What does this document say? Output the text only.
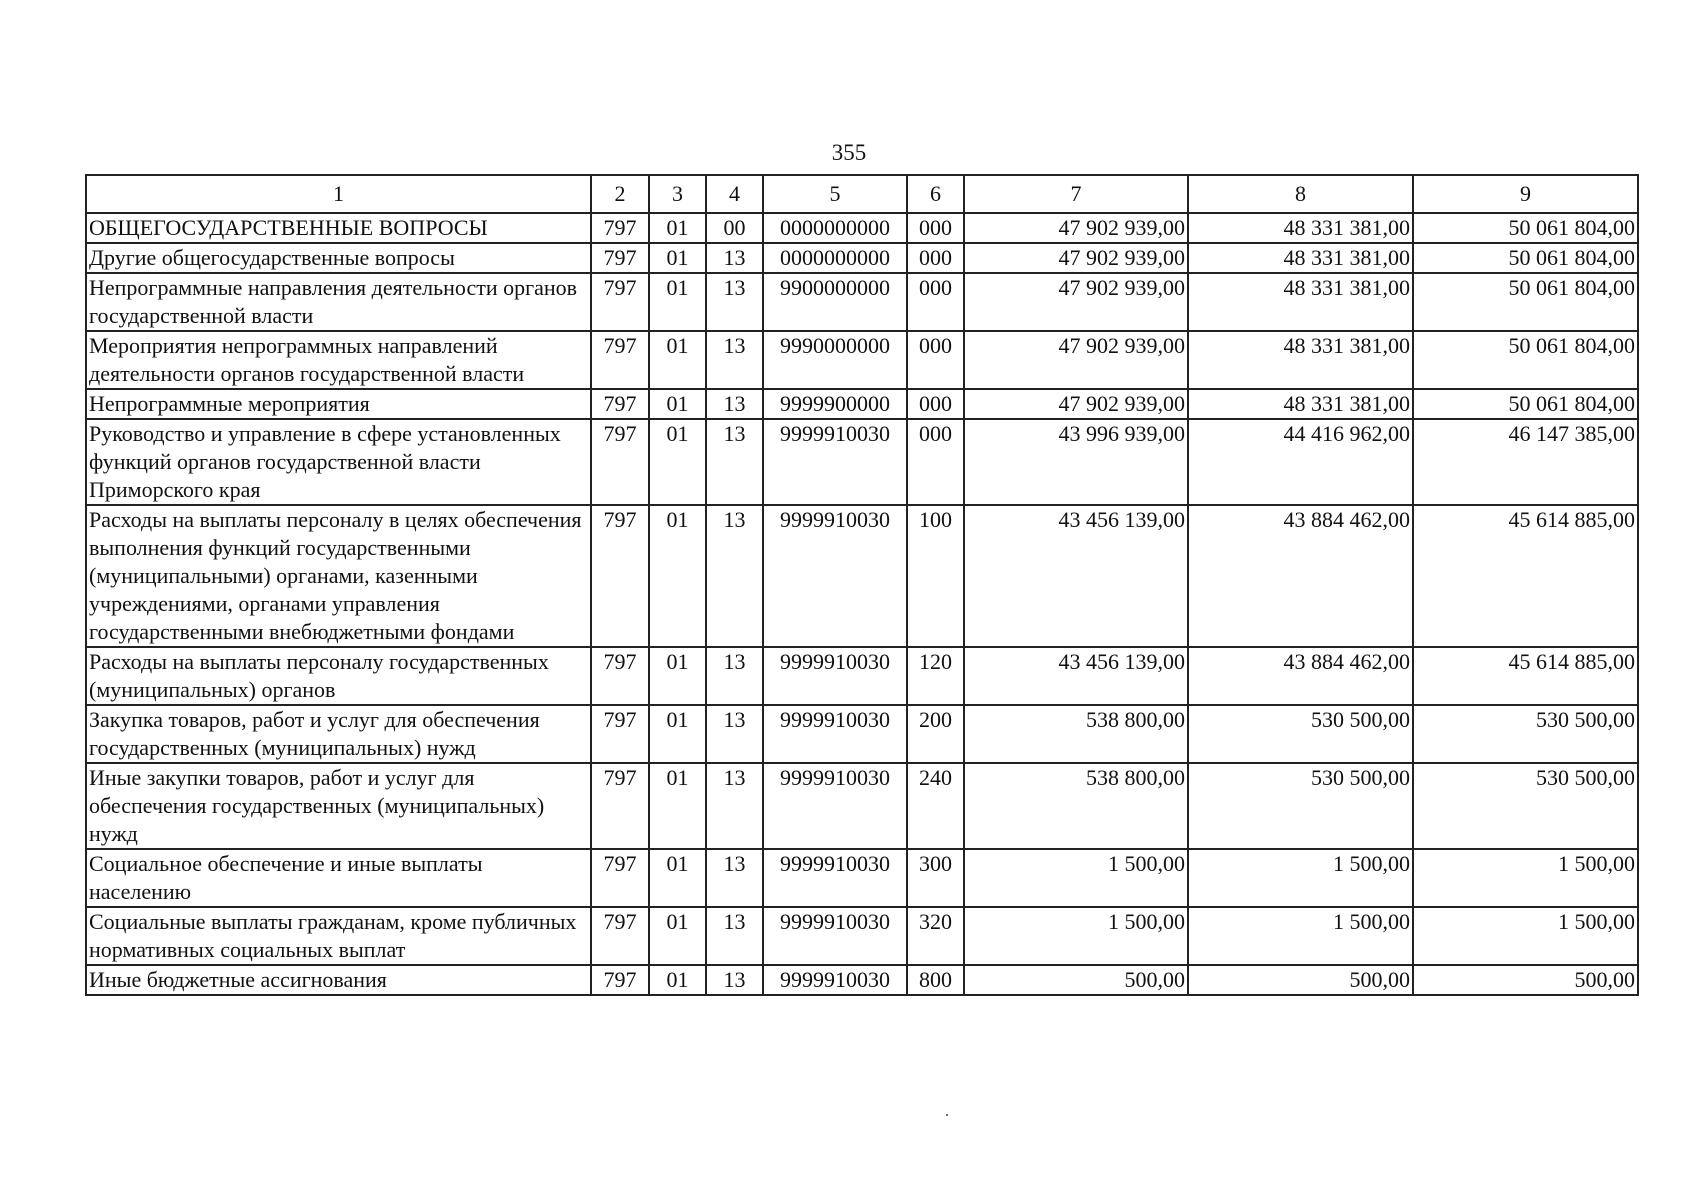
355
1	2	3	4	5	6	7	8	9
ОБЩЕГОСУДАРСТВЕННЫЕ ВОПРОСЫ	797	01	00	0000000000	000	47 902 939,00	48 331 381,00	50 061 804,00
Другие общегосударственные вопросы	797	01	13	0000000000	000	47 902 939,00	48 331 381,00	50 061 804,00
Непрограммные направления деятельности органов государственной власти	797	01	13	9900000000	000	47 902 939,00	48 331 381,00	50 061 804,00
Мероприятия непрограммных направлений деятельности органов государственной власти	797	01	13	9990000000	000	47 902 939,00	48 331 381,00	50 061 804,00
Непрограммные мероприятия	797	01	13	9999900000	000	47 902 939,00	48 331 381,00	50 061 804,00
Руководство и управление в сфере установленных функций органов государственной власти Приморского края	797	01	13	9999910030	000	43 996 939,00	44 416 962,00	46 147 385,00
Расходы на выплаты персоналу в целях обеспечения выполнения функций государственными (муниципальными) органами, казенными учреждениями, органами управления государственными внебюджетными фондами	797	01	13	9999910030	100	43 456 139,00	43 884 462,00	45 614 885,00
Расходы на выплаты персоналу государственных (муниципальных) органов	797	01	13	9999910030	120	43 456 139,00	43 884 462,00	45 614 885,00
Закупка товаров, работ и услуг для обеспечения государственных (муниципальных) нужд	797	01	13	9999910030	200	538 800,00	530 500,00	530 500,00
Иные закупки товаров, работ и услуг для обеспечения государственных (муниципальных) нужд	797	01	13	9999910030	240	538 800,00	530 500,00	530 500,00
Социальное обеспечение и иные выплаты населению	797	01	13	9999910030	300	1 500,00	1 500,00	1 500,00
Социальные выплаты гражданам, кроме публичных нормативных социальных выплат	797	01	13	9999910030	320	1 500,00	1 500,00	1 500,00
Иные бюджетные ассигнования	797	01	13	9999910030	800	500,00	500,00	500,00
